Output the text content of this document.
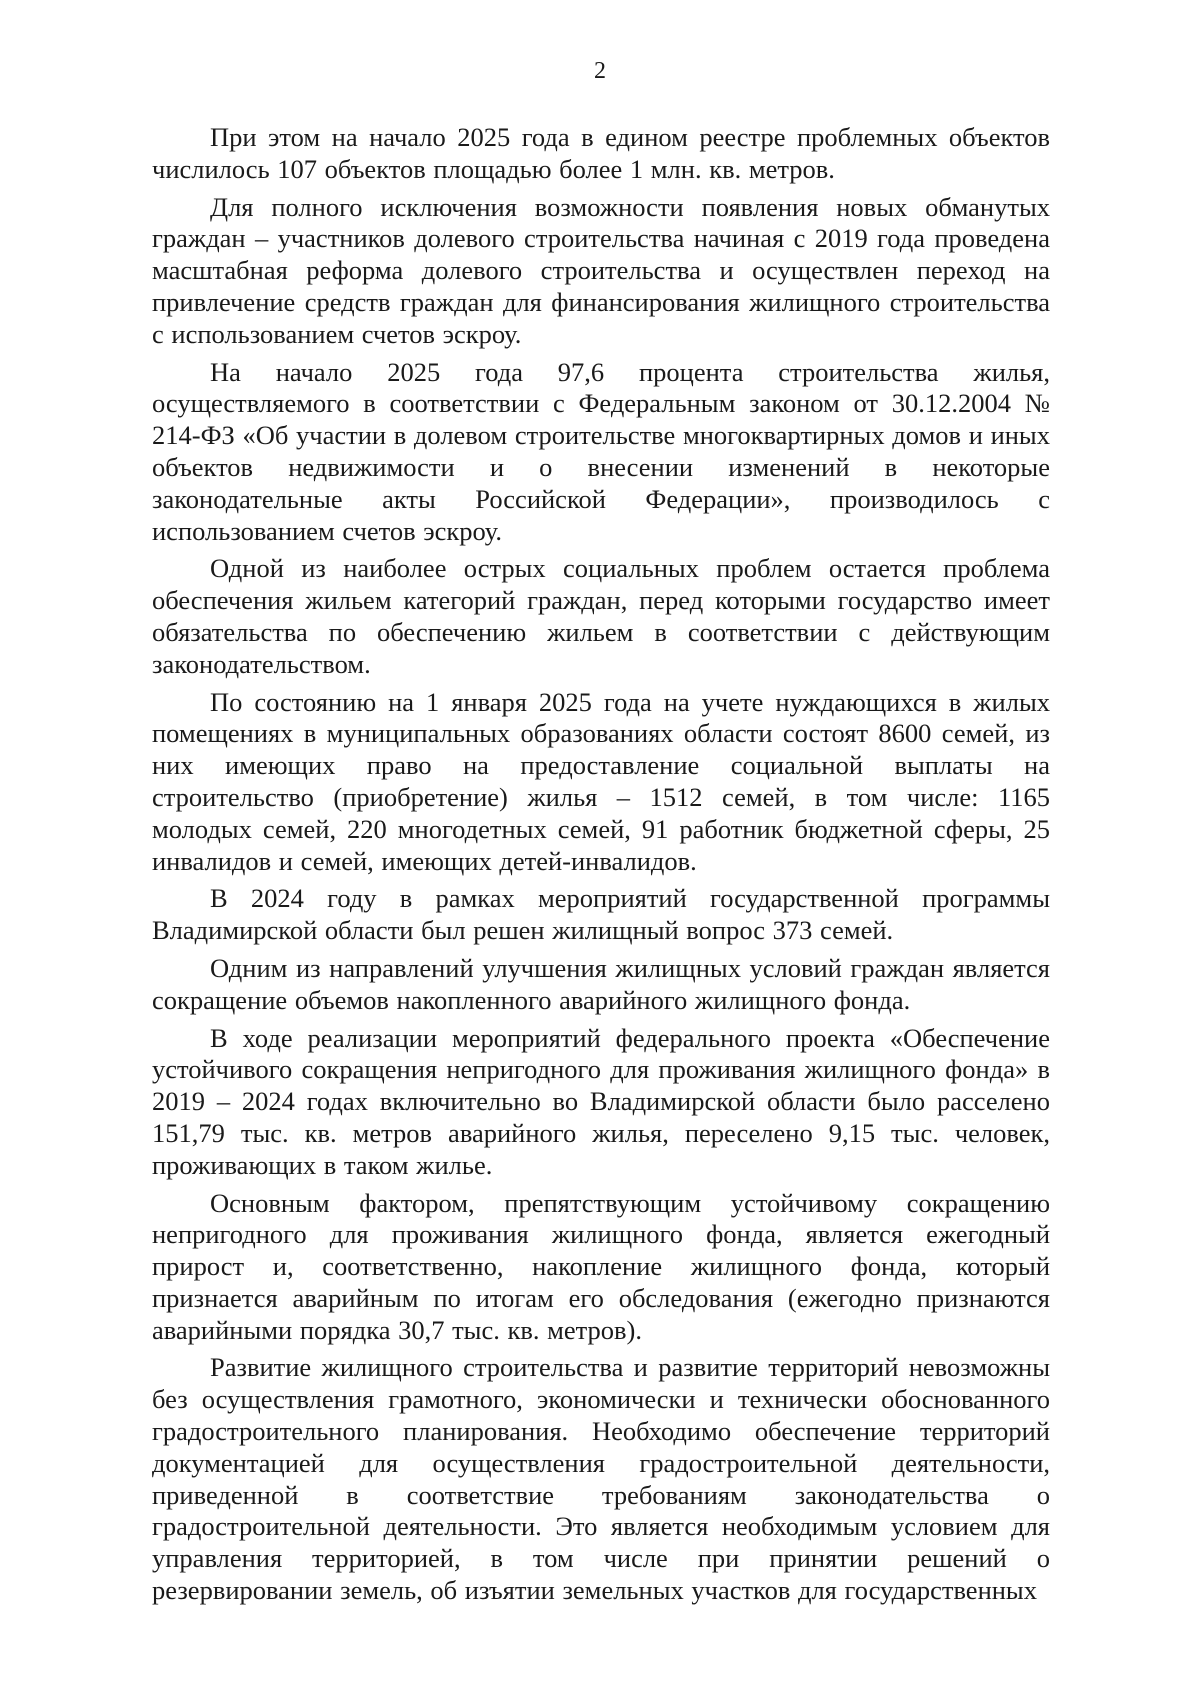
2

При этом на начало 2025 года в едином реестре проблемных объектов числилось 107 объектов площадью более 1 млн. кв. метров.

Для полного исключения возможности появления новых обманутых граждан – участников долевого строительства начиная с 2019 года проведена масштабная реформа долевого строительства и осуществлен переход на привлечение средств граждан для финансирования жилищного строительства с использованием счетов эскроу.

На начало 2025 года 97,6 процента строительства жилья, осуществляемого в соответствии с Федеральным законом от 30.12.2004 № 214-ФЗ «Об участии в долевом строительстве многоквартирных домов и иных объектов недвижимости и о внесении изменений в некоторые законодательные акты Российской Федерации», производилось с использованием счетов эскроу.

Одной из наиболее острых социальных проблем остается проблема обеспечения жильем категорий граждан, перед которыми государство имеет обязательства по обеспечению жильем в соответствии с действующим законодательством.

По состоянию на 1 января 2025 года на учете нуждающихся в жилых помещениях в муниципальных образованиях области состоят 8600 семей, из них имеющих право на предоставление социальной выплаты на строительство (приобретение) жилья – 1512 семей, в том числе: 1165 молодых семей, 220 многодетных семей, 91 работник бюджетной сферы, 25 инвалидов и семей, имеющих детей-инвалидов.

В 2024 году в рамках мероприятий государственной программы Владимирской области был решен жилищный вопрос 373 семей.

Одним из направлений улучшения жилищных условий граждан является сокращение объемов накопленного аварийного жилищного фонда.

В ходе реализации мероприятий федерального проекта «Обеспечение устойчивого сокращения непригодного для проживания жилищного фонда» в 2019 – 2024 годах включительно во Владимирской области было расселено 151,79 тыс. кв. метров аварийного жилья, переселено 9,15 тыс. человек, проживающих в таком жилье.

Основным фактором, препятствующим устойчивому сокращению непригодного для проживания жилищного фонда, является ежегодный прирост и, соответственно, накопление жилищного фонда, который признается аварийным по итогам его обследования (ежегодно признаются аварийными порядка 30,7 тыс. кв. метров).

Развитие жилищного строительства и развитие территорий невозможны без осуществления грамотного, экономически и технически обоснованного градостроительного планирования. Необходимо обеспечение территорий документацией для осуществления градостроительной деятельности, приведенной в соответствие требованиям законодательства о градостроительной деятельности. Это является необходимым условием для управления территорией, в том числе при принятии решений о резервировании земель, об изъятии земельных участков для государственных
